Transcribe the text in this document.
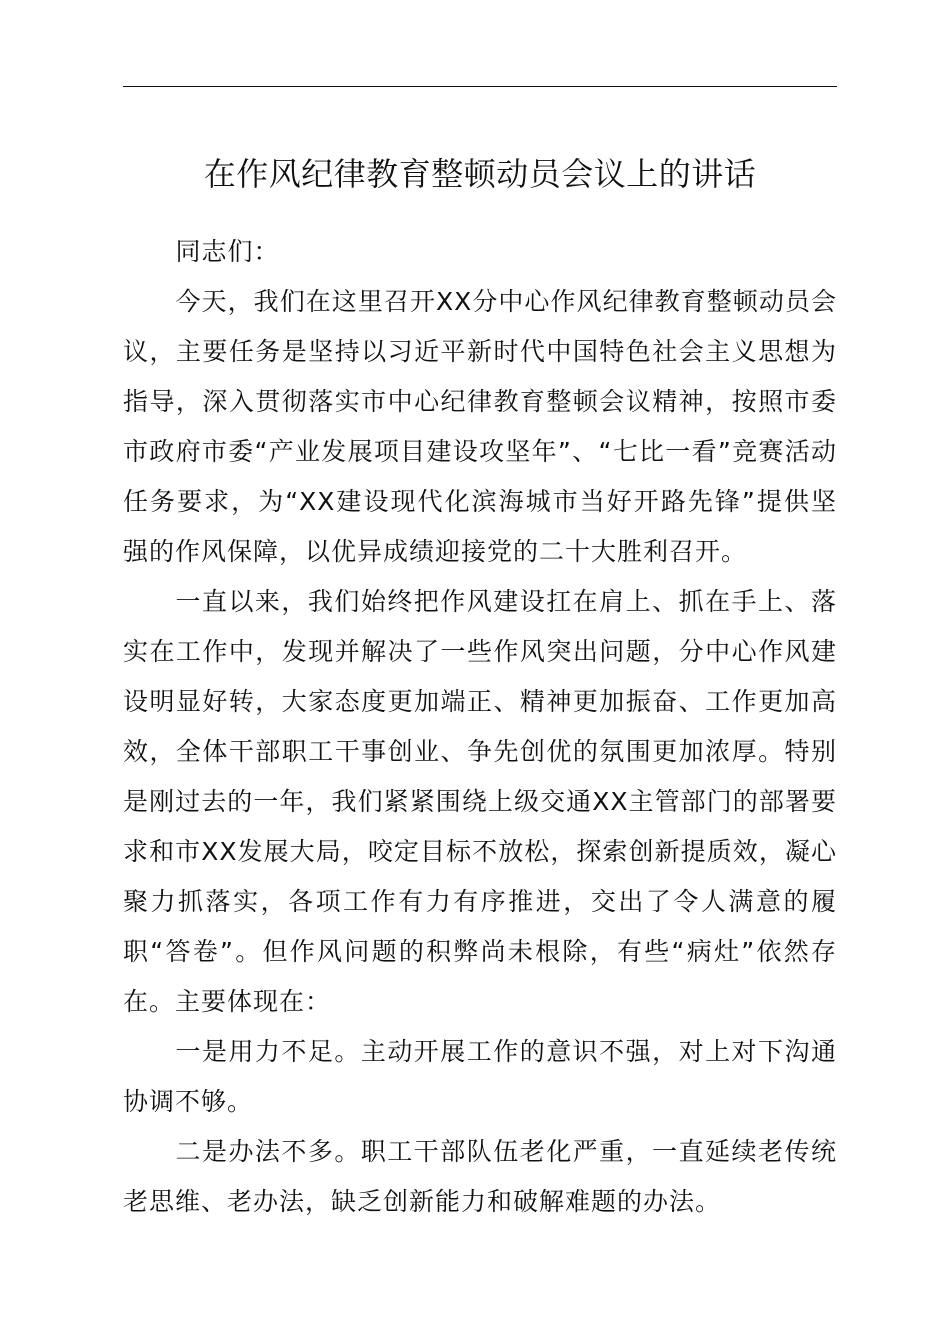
在作风纪律教育整顿动员会议上的讲话

同志们：

今天，我们在这里召开XX分中心作风纪律教育整顿动员会议，主要任务是坚持以习近平新时代中国特色社会主义思想为指导，深入贯彻落实市中心纪律教育整顿会议精神，按照市委市政府市委“产业发展项目建设攻坚年”、“七比一看”竞赛活动任务要求，为“XX建设现代化滨海城市当好开路先锋”提供坚强的作风保障，以优异成绩迎接党的二十大胜利召开。

一直以来，我们始终把作风建设扛在肩上、抓在手上、落实在工作中，发现并解决了一些作风突出问题，分中心作风建设明显好转，大家态度更加端正、精神更加振奋、工作更加高效，全体干部职工干事创业、争先创优的氛围更加浓厚。特别是刚过去的一年，我们紧紧围绕上级交通XX主管部门的部署要求和市XX发展大局，咬定目标不放松，探索创新提质效，凝心聚力抓落实，各项工作有力有序推进，交出了令人满意的履职“答卷”。但作风问题的积弊尚未根除，有些“病灶”依然存在。主要体现在：

一是用力不足。主动开展工作的意识不强，对上对下沟通协调不够。

二是办法不多。职工干部队伍老化严重，一直延续老传统老思维、老办法，缺乏创新能力和破解难题的办法。
